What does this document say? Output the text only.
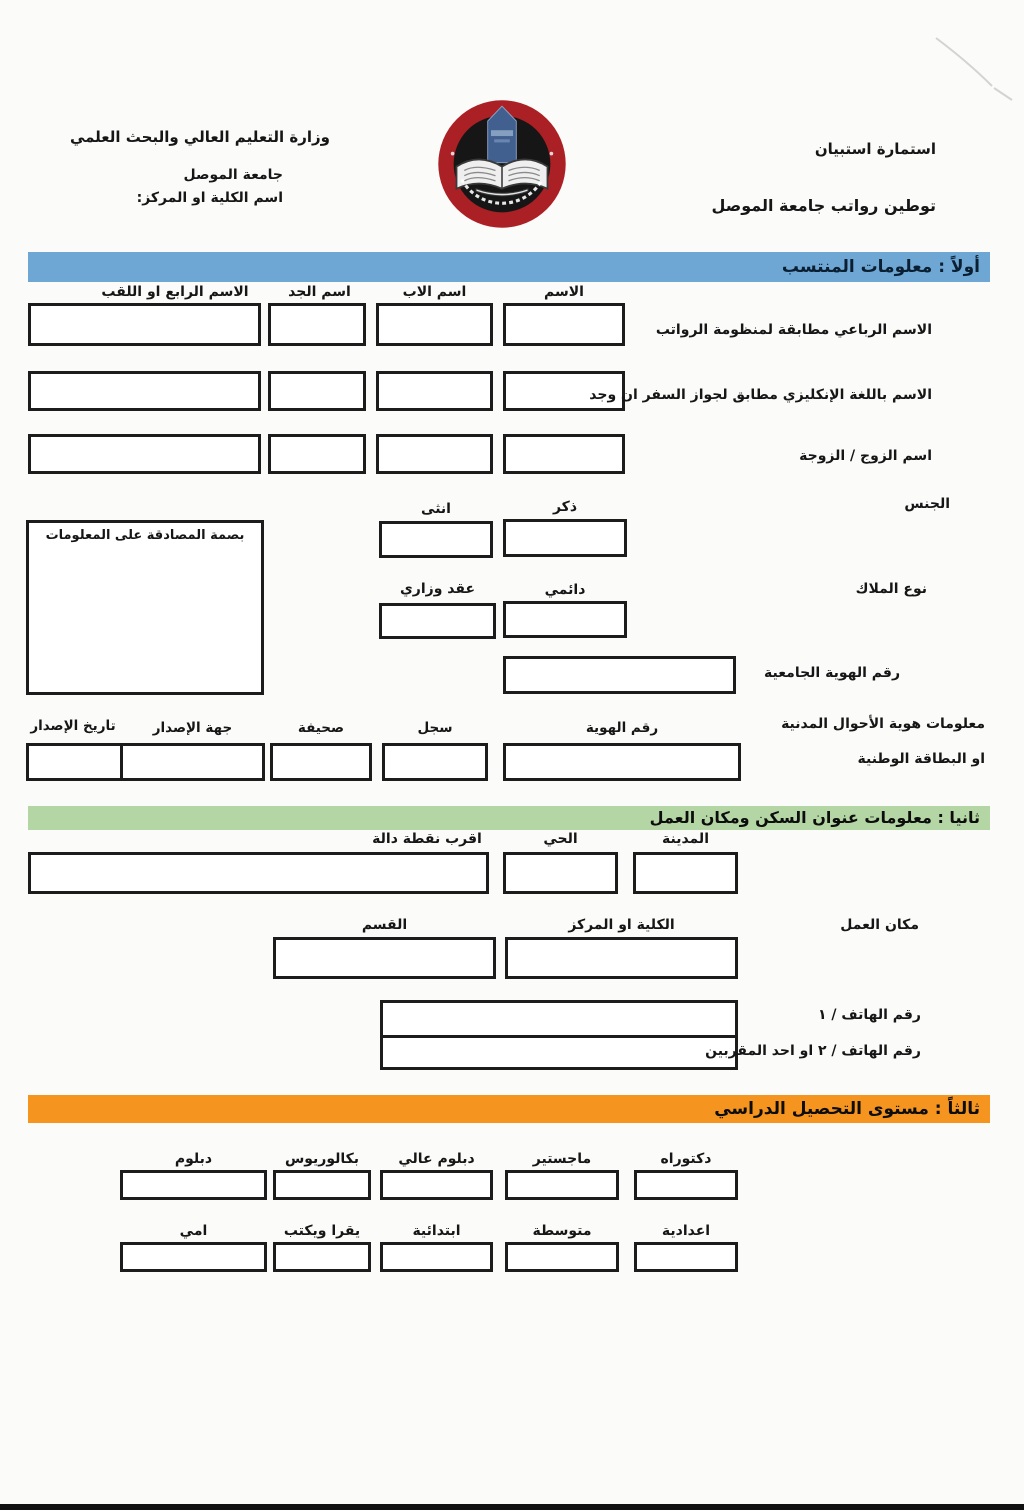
استمارة استبيان
توطين رواتب جامعة الموصل
وزارة التعليم العالي والبحث العلمي
جامعة الموصل
اسم الكلية او المركز:
أولاً : معلومات المنتسب
الاسم
اسم الاب
اسم الجد
الاسم الرابع او اللقب
الاسم الرباعي مطابقة لمنظومة الرواتب
الاسم باللغة الإنكليزي مطابق لجواز السفر ان وجد
اسم الزوج / الزوجة
الجنس
ذكر
انثى
بصمة المصادقة على المعلومات
نوع الملاك
دائمي
عقد وزاري
رقم الهوية الجامعية
معلومات هوية الأحوال المدنية
او البطاقة الوطنية
رقم الهوية
سجل
صحيفة
جهة الإصدار
تاريخ الإصدار
ثانيا : معلومات عنوان السكن ومكان العمل
المدينة
الحي
اقرب نقطة دالة
مكان العمل
الكلية او المركز
القسم
رقم الهاتف / ١
رقم الهاتف / ٢ او احد المقربين
ثالثاً : مستوى التحصيل الدراسي
دكتوراه
ماجستير
دبلوم عالي
بكالوريوس
دبلوم
اعدادية
متوسطة
ابتدائية
يقرا ويكتب
امي
